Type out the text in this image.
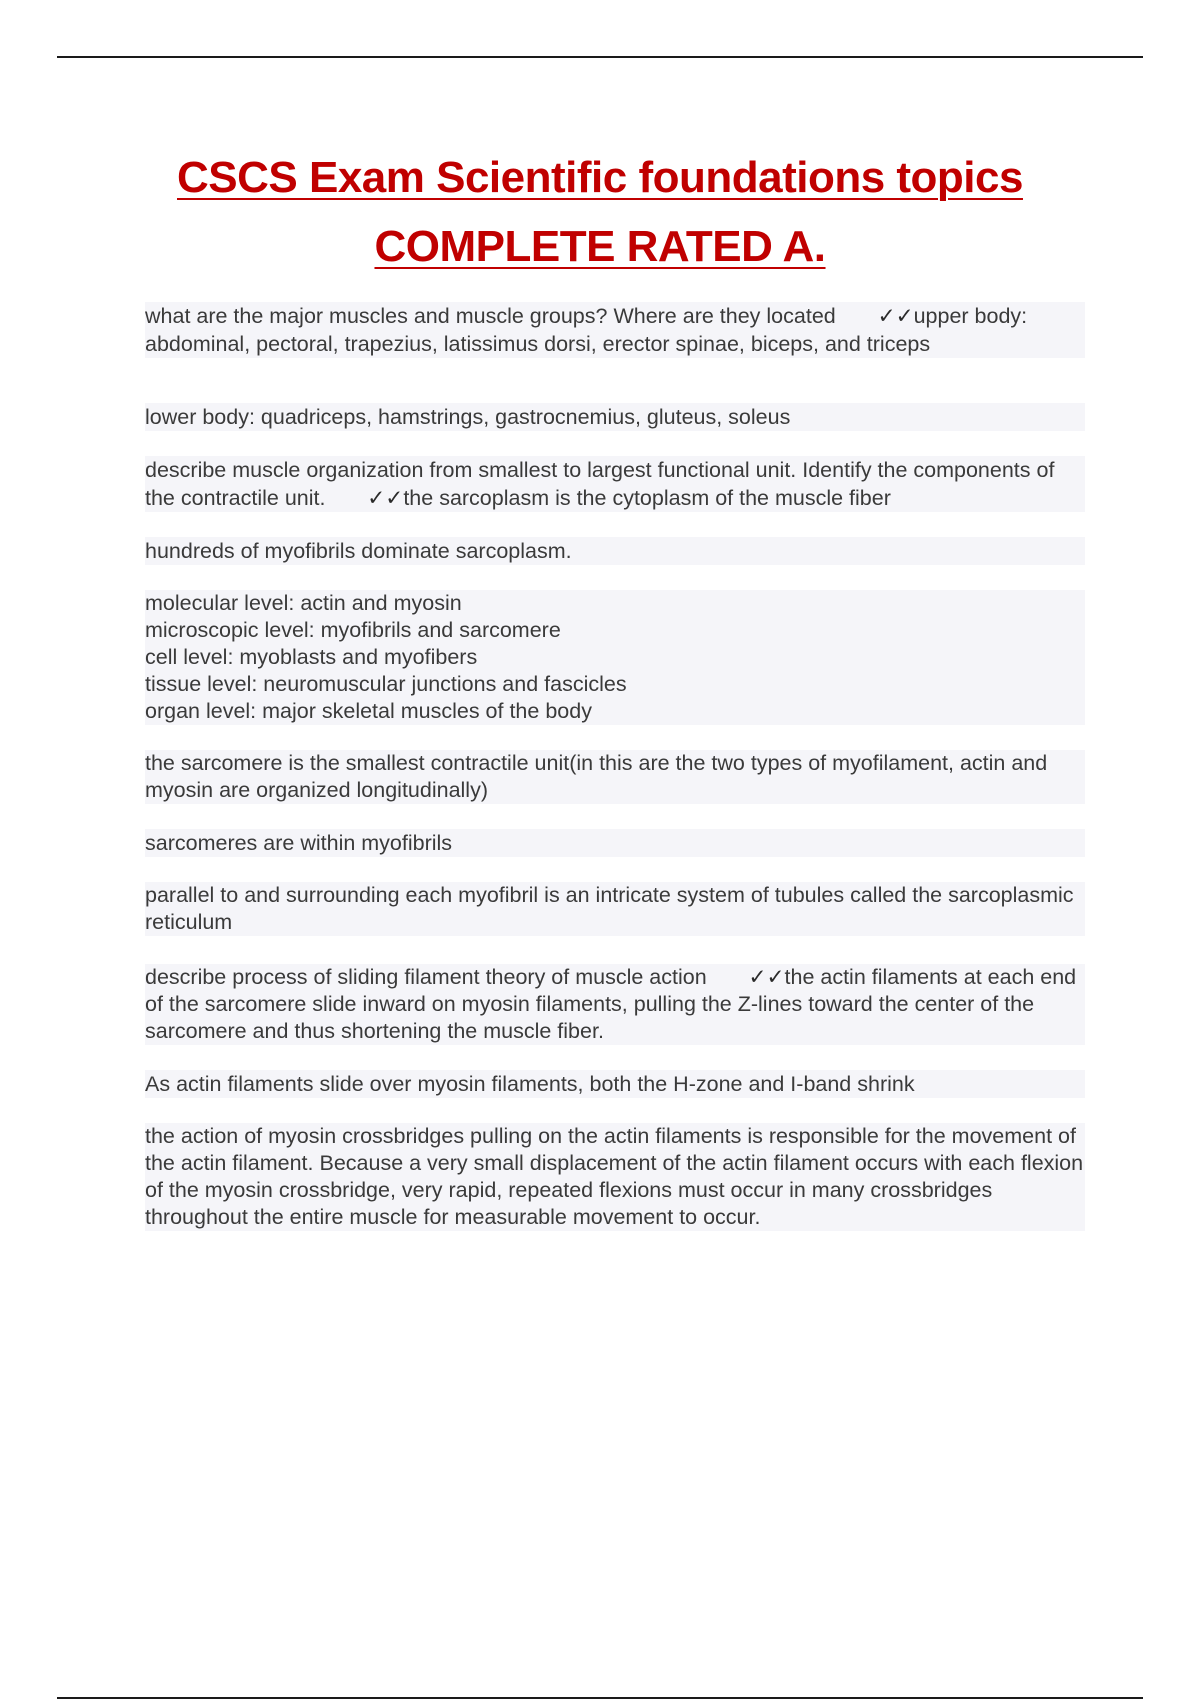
CSCS Exam Scientific foundations topics
COMPLETE RATED A.

what are the major muscles and muscle groups? Where are they located ✓✓upper body: abdominal, pectoral, trapezius, latissimus dorsi, erector spinae, biceps, and triceps

lower body: quadriceps, hamstrings, gastrocnemius, gluteus, soleus

describe muscle organization from smallest to largest functional unit. Identify the components of the contractile unit. ✓✓the sarcoplasm is the cytoplasm of the muscle fiber

hundreds of myofibrils dominate sarcoplasm.

molecular level: actin and myosin
microscopic level: myofibrils and sarcomere
cell level: myoblasts and myofibers
tissue level: neuromuscular junctions and fascicles
organ level: major skeletal muscles of the body

the sarcomere is the smallest contractile unit(in this are the two types of myofilament, actin and myosin are organized longitudinally)

sarcomeres are within myofibrils

parallel to and surrounding each myofibril is an intricate system of tubules called the sarcoplasmic reticulum

describe process of sliding filament theory of muscle action ✓✓the actin filaments at each end of the sarcomere slide inward on myosin filaments, pulling the Z-lines toward the center of the sarcomere and thus shortening the muscle fiber.

As actin filaments slide over myosin filaments, both the H-zone and I-band shrink

the action of myosin crossbridges pulling on the actin filaments is responsible for the movement of the actin filament. Because a very small displacement of the actin filament occurs with each flexion of the myosin crossbridge, very rapid, repeated flexions must occur in many crossbridges throughout the entire muscle for measurable movement to occur.
